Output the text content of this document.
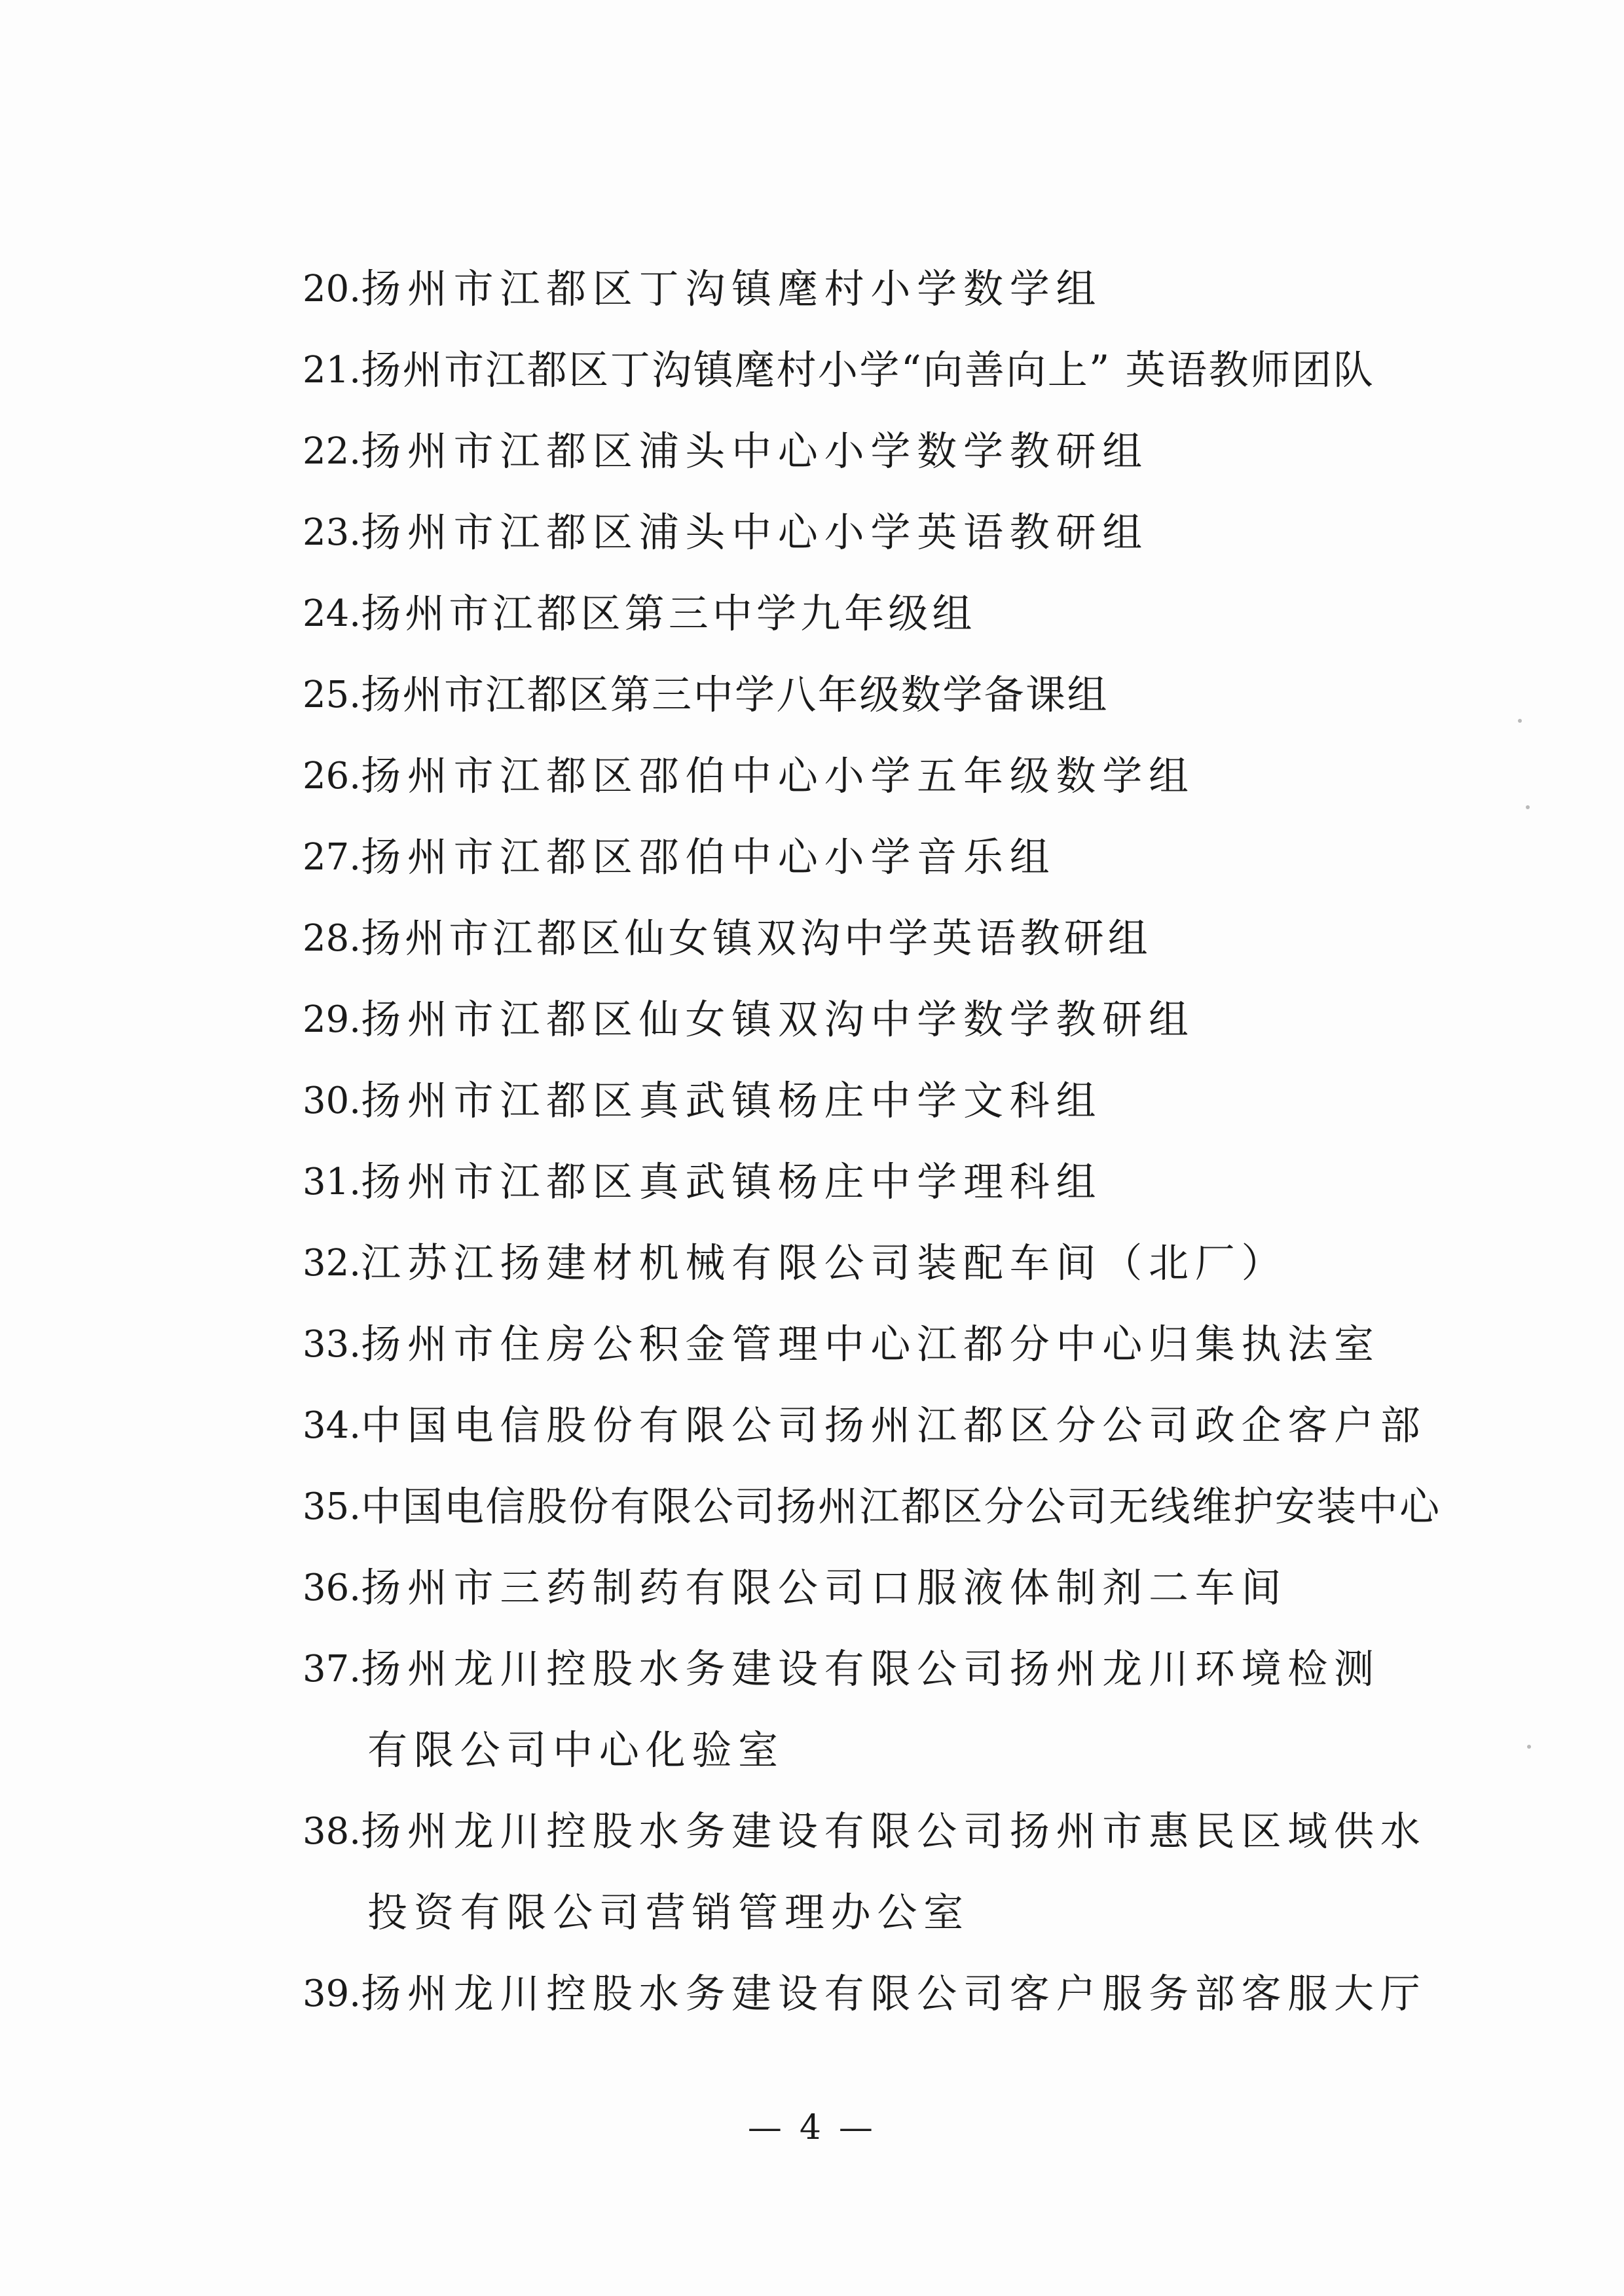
20. 扬州市江都区丁沟镇麾村小学数学组
21. 扬州市江都区丁沟镇麾村小学“向善向上” 英语教师团队
22. 扬州市江都区浦头中心小学数学教研组
23. 扬州市江都区浦头中心小学英语教研组
24. 扬州市江都区第三中学九年级组
25. 扬州市江都区第三中学八年级数学备课组
26. 扬州市江都区邵伯中心小学五年级数学组
27. 扬州市江都区邵伯中心小学音乐组
28. 扬州市江都区仙女镇双沟中学英语教研组
29. 扬州市江都区仙女镇双沟中学数学教研组
30. 扬州市江都区真武镇杨庄中学文科组
31. 扬州市江都区真武镇杨庄中学理科组
32. 江苏江扬建材机械有限公司装配车间（北厂）
33. 扬州市住房公积金管理中心江都分中心归集执法室
34. 中国电信股份有限公司扬州江都区分公司政企客户部
35. 中国电信股份有限公司扬州江都区分公司无线维护安装中心
36. 扬州市三药制药有限公司口服液体制剂二车间
37. 扬州龙川控股水务建设有限公司扬州龙川环境检测
有限公司中心化验室
38. 扬州龙川控股水务建设有限公司扬州市惠民区域供水
投资有限公司营销管理办公室
39. 扬州龙川控股水务建设有限公司客户服务部客服大厅
— 4 —
